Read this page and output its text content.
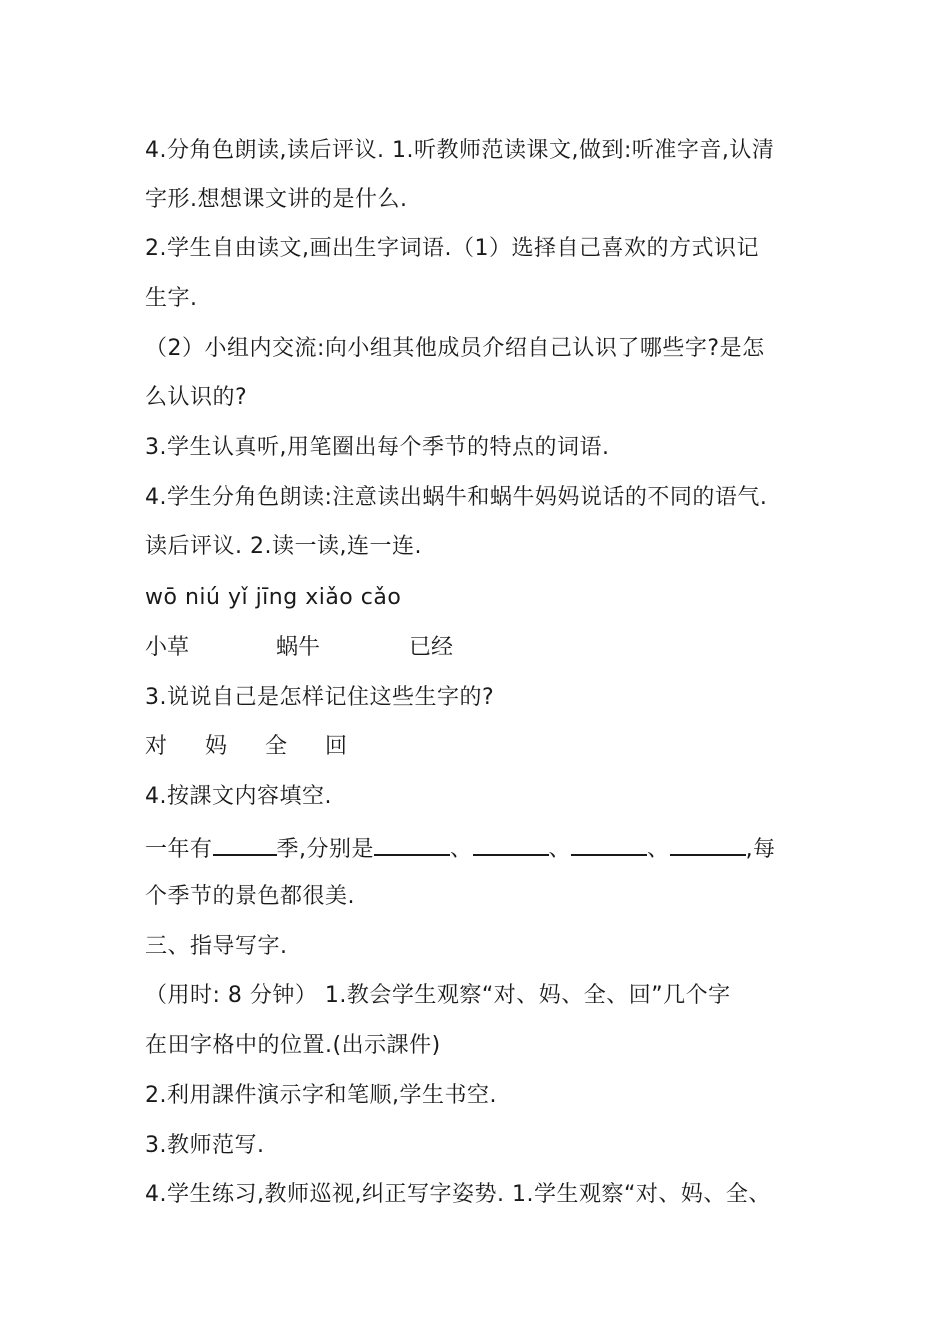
4.分角色朗读,读后评议. 1.听教师范读课文,做到:听准字音,认清
字形.想想课文讲的是什么.
2.学生自由读文,画出生字词语.（1）选择自己喜欢的方式识记
生字.
（2）小组内交流:向小组其他成员介绍自己认识了哪些字?是怎
么认识的?
3.学生认真听,用笔圈出每个季节的特点的词语.
4.学生分角色朗读:注意读出蜗牛和蜗牛妈妈说话的不同的语气.
读后评议. 2.读一读,连一连.
wō niú yǐ jīng xiǎo cǎo
小草	蜗牛	已经
3.说说自己是怎样记住这些生字的?
对 妈 全 回
4.按課文内容填空.
一年有	季,分别是	、	、	、	,每
个季节的景色都很美.
三、指导写字.
（用时: 8 分钟） 1.教会学生观察“对、妈、全、回”几个字
在田字格中的位置.(出示課件)
2.利用課件演示字和笔顺,学生书空.
3.教师范写.
4.学生练习,教师巡视,纠正写字姿势. 1.学生观察“对、妈、全、
